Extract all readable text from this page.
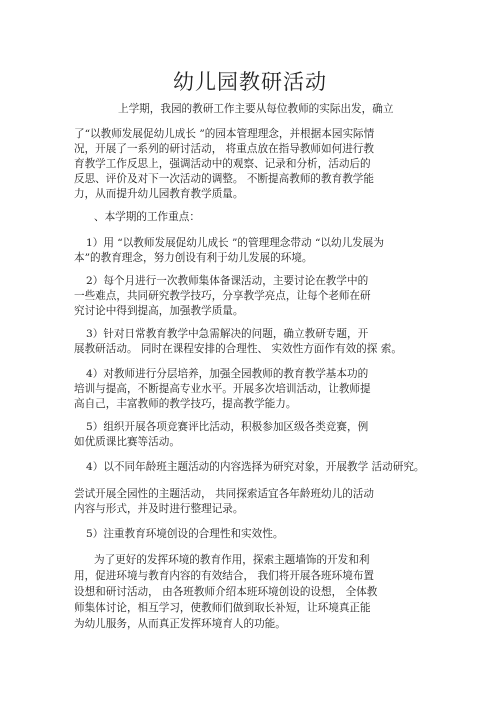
幼儿园教研活动
上学期，我园的教研工作主要从每位教师的实际出发，确立
了“以教师发展促幼儿成长 ”的园本管理理念，并根据本园实际情
况，开展了一系列的研讨活动， 将重点放在指导教师如何进行教
育教学工作反思上，强调活动中的观察、记录和分析，活动后的
反思、评价及对下一次活动的调整。 不断提高教师的教育教学能
力，从而提升幼儿园教育教学质量。
、本学期的工作重点：
1）用 “以教师发展促幼儿成长 ”的管理理念带动 “以幼儿发展为
本”的教育理念，努力创设有利于幼儿发展的环境。
2）每个月进行一次教师集体备课活动，主要讨论在教学中的
一些难点，共同研究教学技巧，分享教学亮点，让每个老师在研
究讨论中得到提高，加强教学质量。
3）针对日常教育教学中急需解决的问题，确立教研专题，开
展教研活动。 同时在课程安排的合理性、 实效性方面作有效的探 索。
4）对教师进行分层培养，加强全园教师的教育教学基本功的
培训与提高，不断提高专业水平。开展多次培训活动，让教师提
高自己，丰富教师的教学技巧，提高教学能力。
5）组织开展各项竞赛评比活动，积极参加区级各类竞赛，例
如优质课比赛等活动。
4）以不同年龄班主题活动的内容选择为研究对象，开展教学 活动研究。
尝试开展全园性的主题活动， 共同探索适宜各年龄班幼儿的活动
内容与形式，并及时进行整理记录。
5）注重教育环境创设的合理性和实效性。
为了更好的发挥环境的教育作用，探索主题墙饰的开发和利
用，促进环境与教育内容的有效结合， 我们将开展各班环境布置
设想和研讨活动， 由各班教师介绍本班环境创设的设想， 全体教
师集体讨论，相互学习，使教师们做到取长补短，让环境真正能
为幼儿服务，从而真正发挥环境育人的功能。
